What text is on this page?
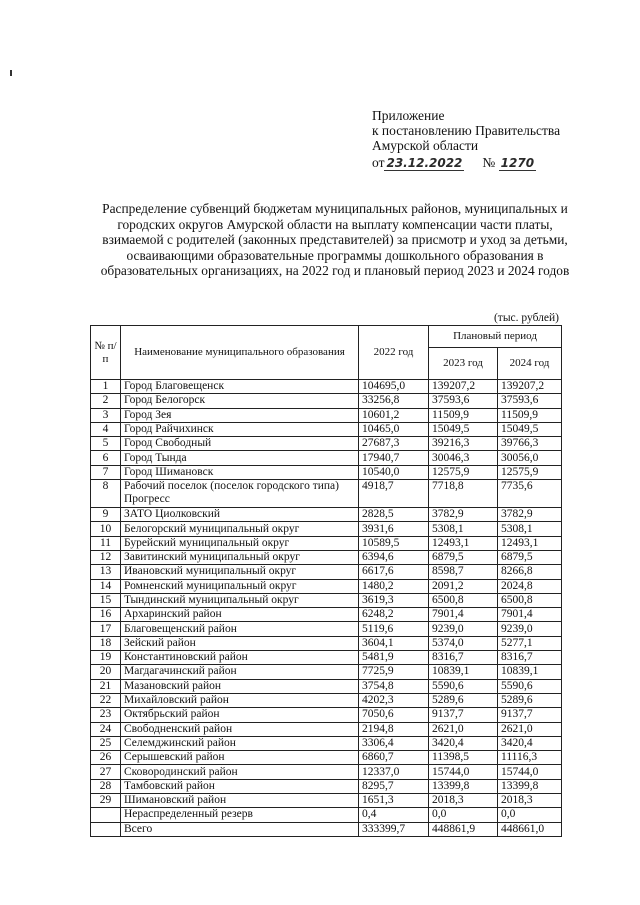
Приложение
к постановлению Правительства
Амурской области
от 23.12.2022 № 1270
Распределение субвенций бюджетам муниципальных районов, муниципальных и городских округов Амурской области на выплату компенсации части платы, взимаемой с родителей (законных представителей) за присмотр и уход за детьми, осваивающими образовательные программы дошкольного образования в образовательных организациях, на 2022 год и плановый период 2023 и 2024 годов
(тыс. рублей)
№ п/п	Наименование муниципального образования	2022 год	Плановый период	
			2023 год	2024 год
1	Город Благовещенск	104695,0	139207,2	139207,2
2	Город Белогорск	33256,8	37593,6	37593,6
3	Город Зея	10601,2	11509,9	11509,9
4	Город Райчихинск	10465,0	15049,5	15049,5
5	Город Свободный	27687,3	39216,3	39766,3
6	Город Тында	17940,7	30046,3	30056,0
7	Город Шимановск	10540,0	12575,9	12575,9
8	Рабочий поселок (поселок городского типа) Прогресс	4918,7	7718,8	7735,6
9	ЗАТО Циолковский	2828,5	3782,9	3782,9
10	Белогорский муниципальный округ	3931,6	5308,1	5308,1
11	Бурейский муниципальный округ	10589,5	12493,1	12493,1
12	Завитинский муниципальный округ	6394,6	6879,5	6879,5
13	Ивановский муниципальный округ	6617,6	8598,7	8266,8
14	Ромненский муниципальный округ	1480,2	2091,2	2024,8
15	Тындинский муниципальный округ	3619,3	6500,8	6500,8
16	Архаринский район	6248,2	7901,4	7901,4
17	Благовещенский район	5119,6	9239,0	9239,0
18	Зейский район	3604,1	5374,0	5277,1
19	Константиновский район	5481,9	8316,7	8316,7
20	Магдагачинский район	7725,9	10839,1	10839,1
21	Мазановский район	3754,8	5590,6	5590,6
22	Михайловский район	4202,3	5289,6	5289,6
23	Октябрьский район	7050,6	9137,7	9137,7
24	Свободненский район	2194,8	2621,0	2621,0
25	Селемджинский район	3306,4	3420,4	3420,4
26	Серышевский район	6860,7	11398,5	11116,3
27	Сковородинский район	12337,0	15744,0	15744,0
28	Тамбовский район	8295,7	13399,8	13399,8
29	Шимановский район	1651,3	2018,3	2018,3
	Нераспределенный резерв	0,4	0,0	0,0
	Всего	333399,7	448861,9	448661,0
